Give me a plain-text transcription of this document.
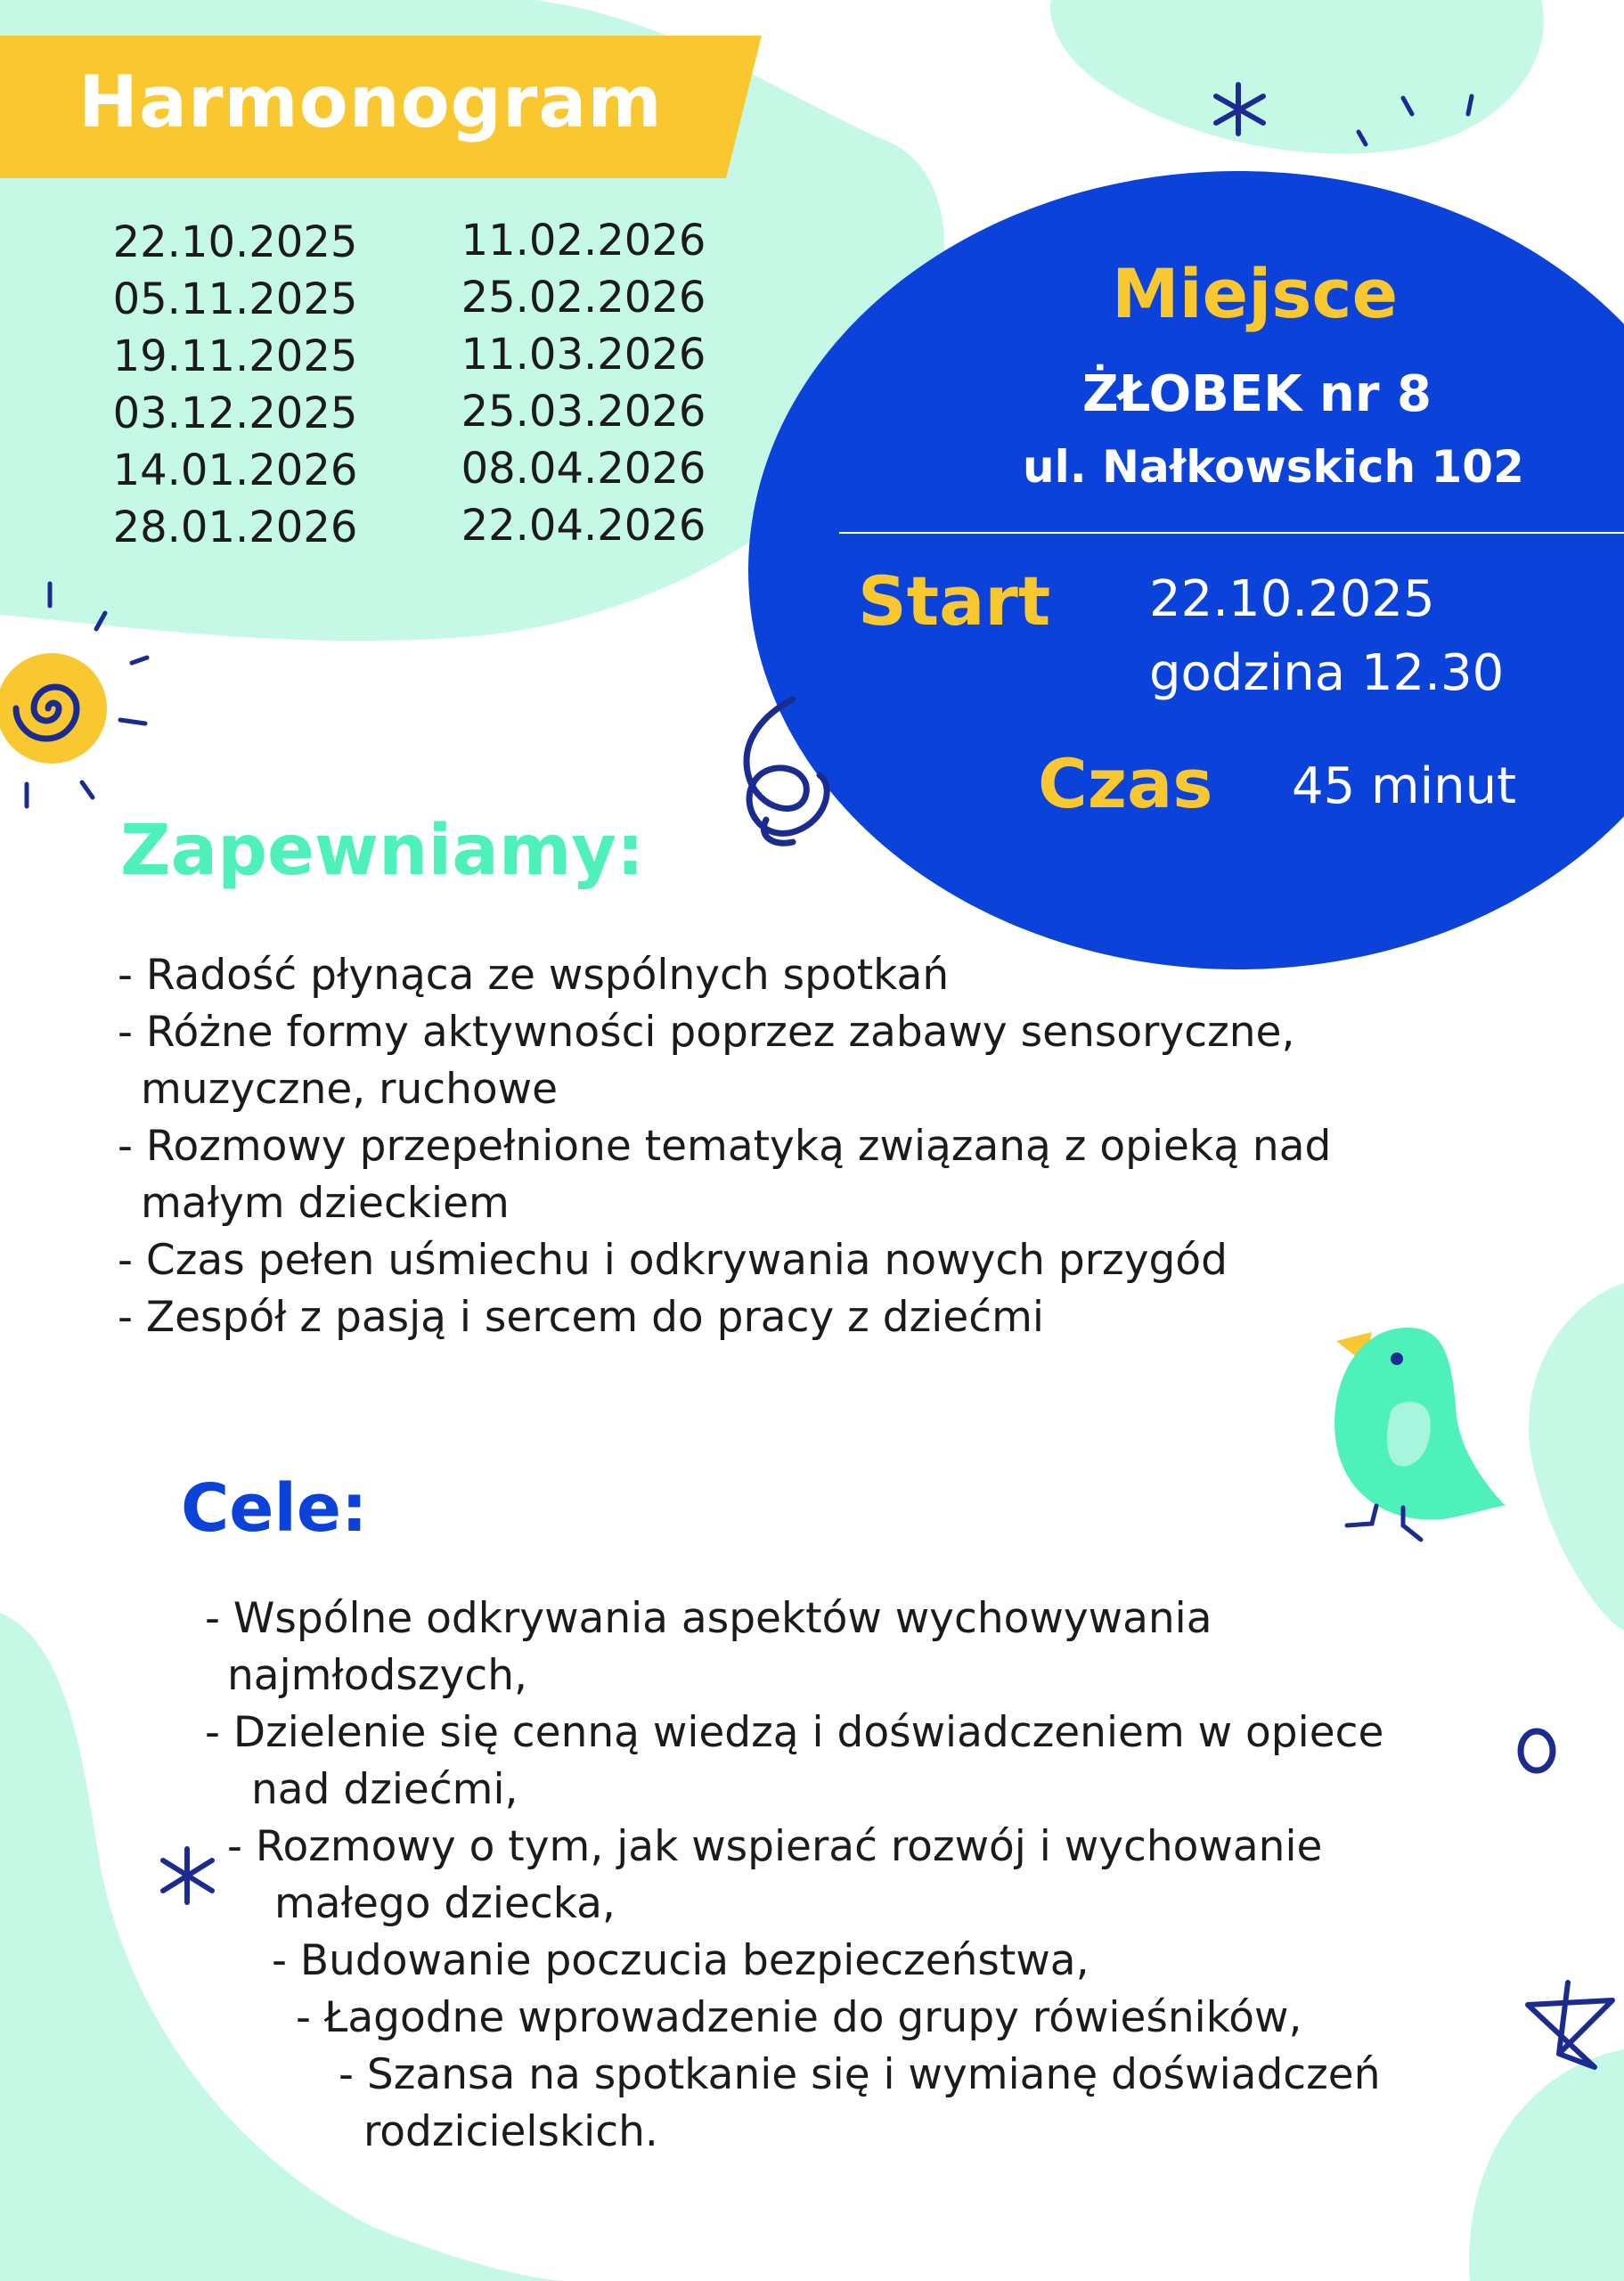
Harmonogram
22.10.2025
05.11.2025
19.11.2025
03.12.2025
14.01.2026
28.01.2026
11.02.2026
25.02.2026
11.03.2026
25.03.2026
08.04.2026
22.04.2026
Miejsce
ŻŁOBEK nr 8
ul. Nałkowskich 102
Start 22.10.2025
godzina 12.30
Czas 45 minut
Zapewniamy:
- Radość płynąca ze wspólnych spotkań
- Różne formy aktywności poprzez zabawy sensoryczne,
muzyczne, ruchowe
- Rozmowy przepełnione tematyką związaną z opieką nad
małym dzieckiem
- Czas pełen uśmiechu i odkrywania nowych przygód
- Zespół z pasją i sercem do pracy z dziećmi
Cele:
- Wspólne odkrywania aspektów wychowywania
najmłodszych,
- Dzielenie się cenną wiedzą i doświadczeniem w opiece
nad dziećmi,
- Rozmowy o tym, jak wspierać rozwój i wychowanie
małego dziecka,
- Budowanie poczucia bezpieczeństwa,
- Łagodne wprowadzenie do grupy rówieśników,
- Szansa na spotkanie się i wymianę doświadczeń
rodzicielskich.
